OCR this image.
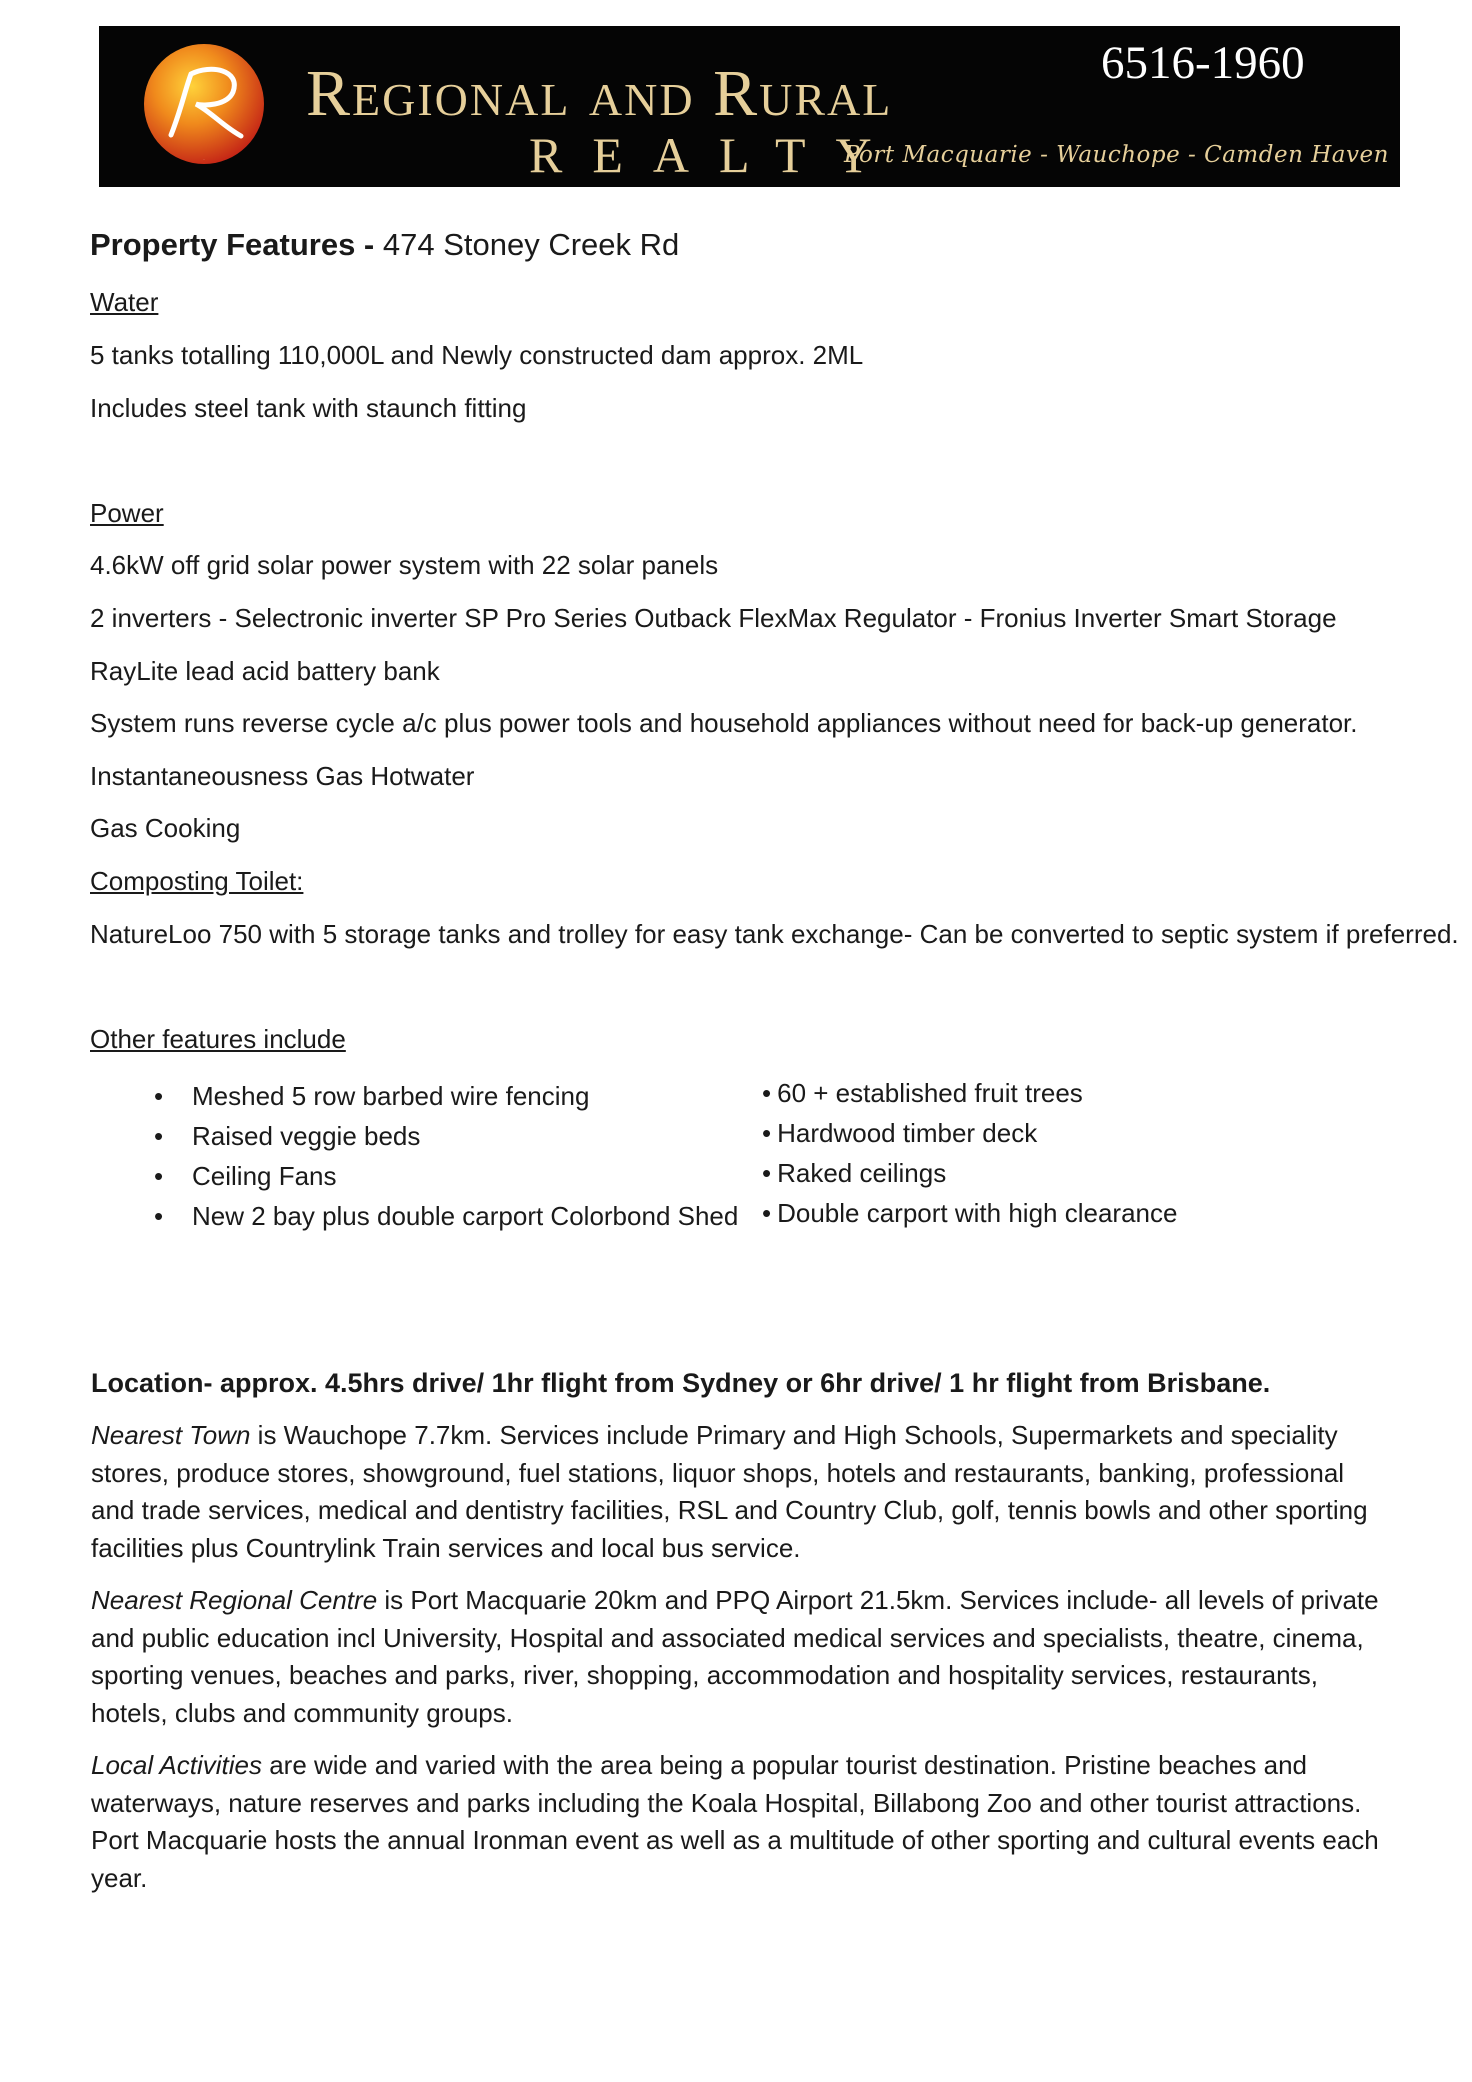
R
Regional and Rural
REALTY
Port Macquarie - Wauchope - Camden Haven
6516-1960
Property Features - 474 Stoney Creek Rd
Water
5 tanks totalling 110,000L and Newly constructed dam approx. 2ML
Includes steel tank with staunch fitting
Power
4.6kW off grid solar power system with 22 solar panels
2 inverters - Selectronic inverter SP Pro Series Outback FlexMax Regulator - Fronius Inverter Smart Storage
RayLite lead acid battery bank
System runs reverse cycle a/c plus power tools and household appliances without need for back-up generator.
Instantaneousness Gas Hotwater
Gas Cooking
Composting Toilet:
NatureLoo 750 with 5 storage tanks and trolley for easy tank exchange- Can be converted to septic system if preferred.
Other features include
• Meshed 5 row barbed wire fencing
• Raised veggie beds
• Ceiling Fans
• New 2 bay plus double carport Colorbond Shed
• 60 + established fruit trees
• Hardwood timber deck
• Raked ceilings
• Double carport with high clearance
Location- approx. 4.5hrs drive/ 1hr flight from Sydney or 6hr drive/ 1 hr flight from Brisbane.
Nearest Town is Wauchope 7.7km. Services include Primary and High Schools, Supermarkets and speciality stores, produce stores, showground, fuel stations, liquor shops, hotels and restaurants, banking, professional and trade services, medical and dentistry facilities, RSL and Country Club, golf, tennis bowls and other sporting facilities plus Countrylink Train services and local bus service.
Nearest Regional Centre is Port Macquarie 20km and PPQ Airport 21.5km. Services include- all levels of private and public education incl University, Hospital and associated medical services and specialists, theatre, cinema, sporting venues, beaches and parks, river, shopping, accommodation and hospitality services, restaurants, hotels, clubs and community groups.
Local Activities are wide and varied with the area being a popular tourist destination. Pristine beaches and waterways, nature reserves and parks including the Koala Hospital, Billabong Zoo and other tourist attractions. Port Macquarie hosts the annual Ironman event as well as a multitude of other sporting and cultural events each year.
